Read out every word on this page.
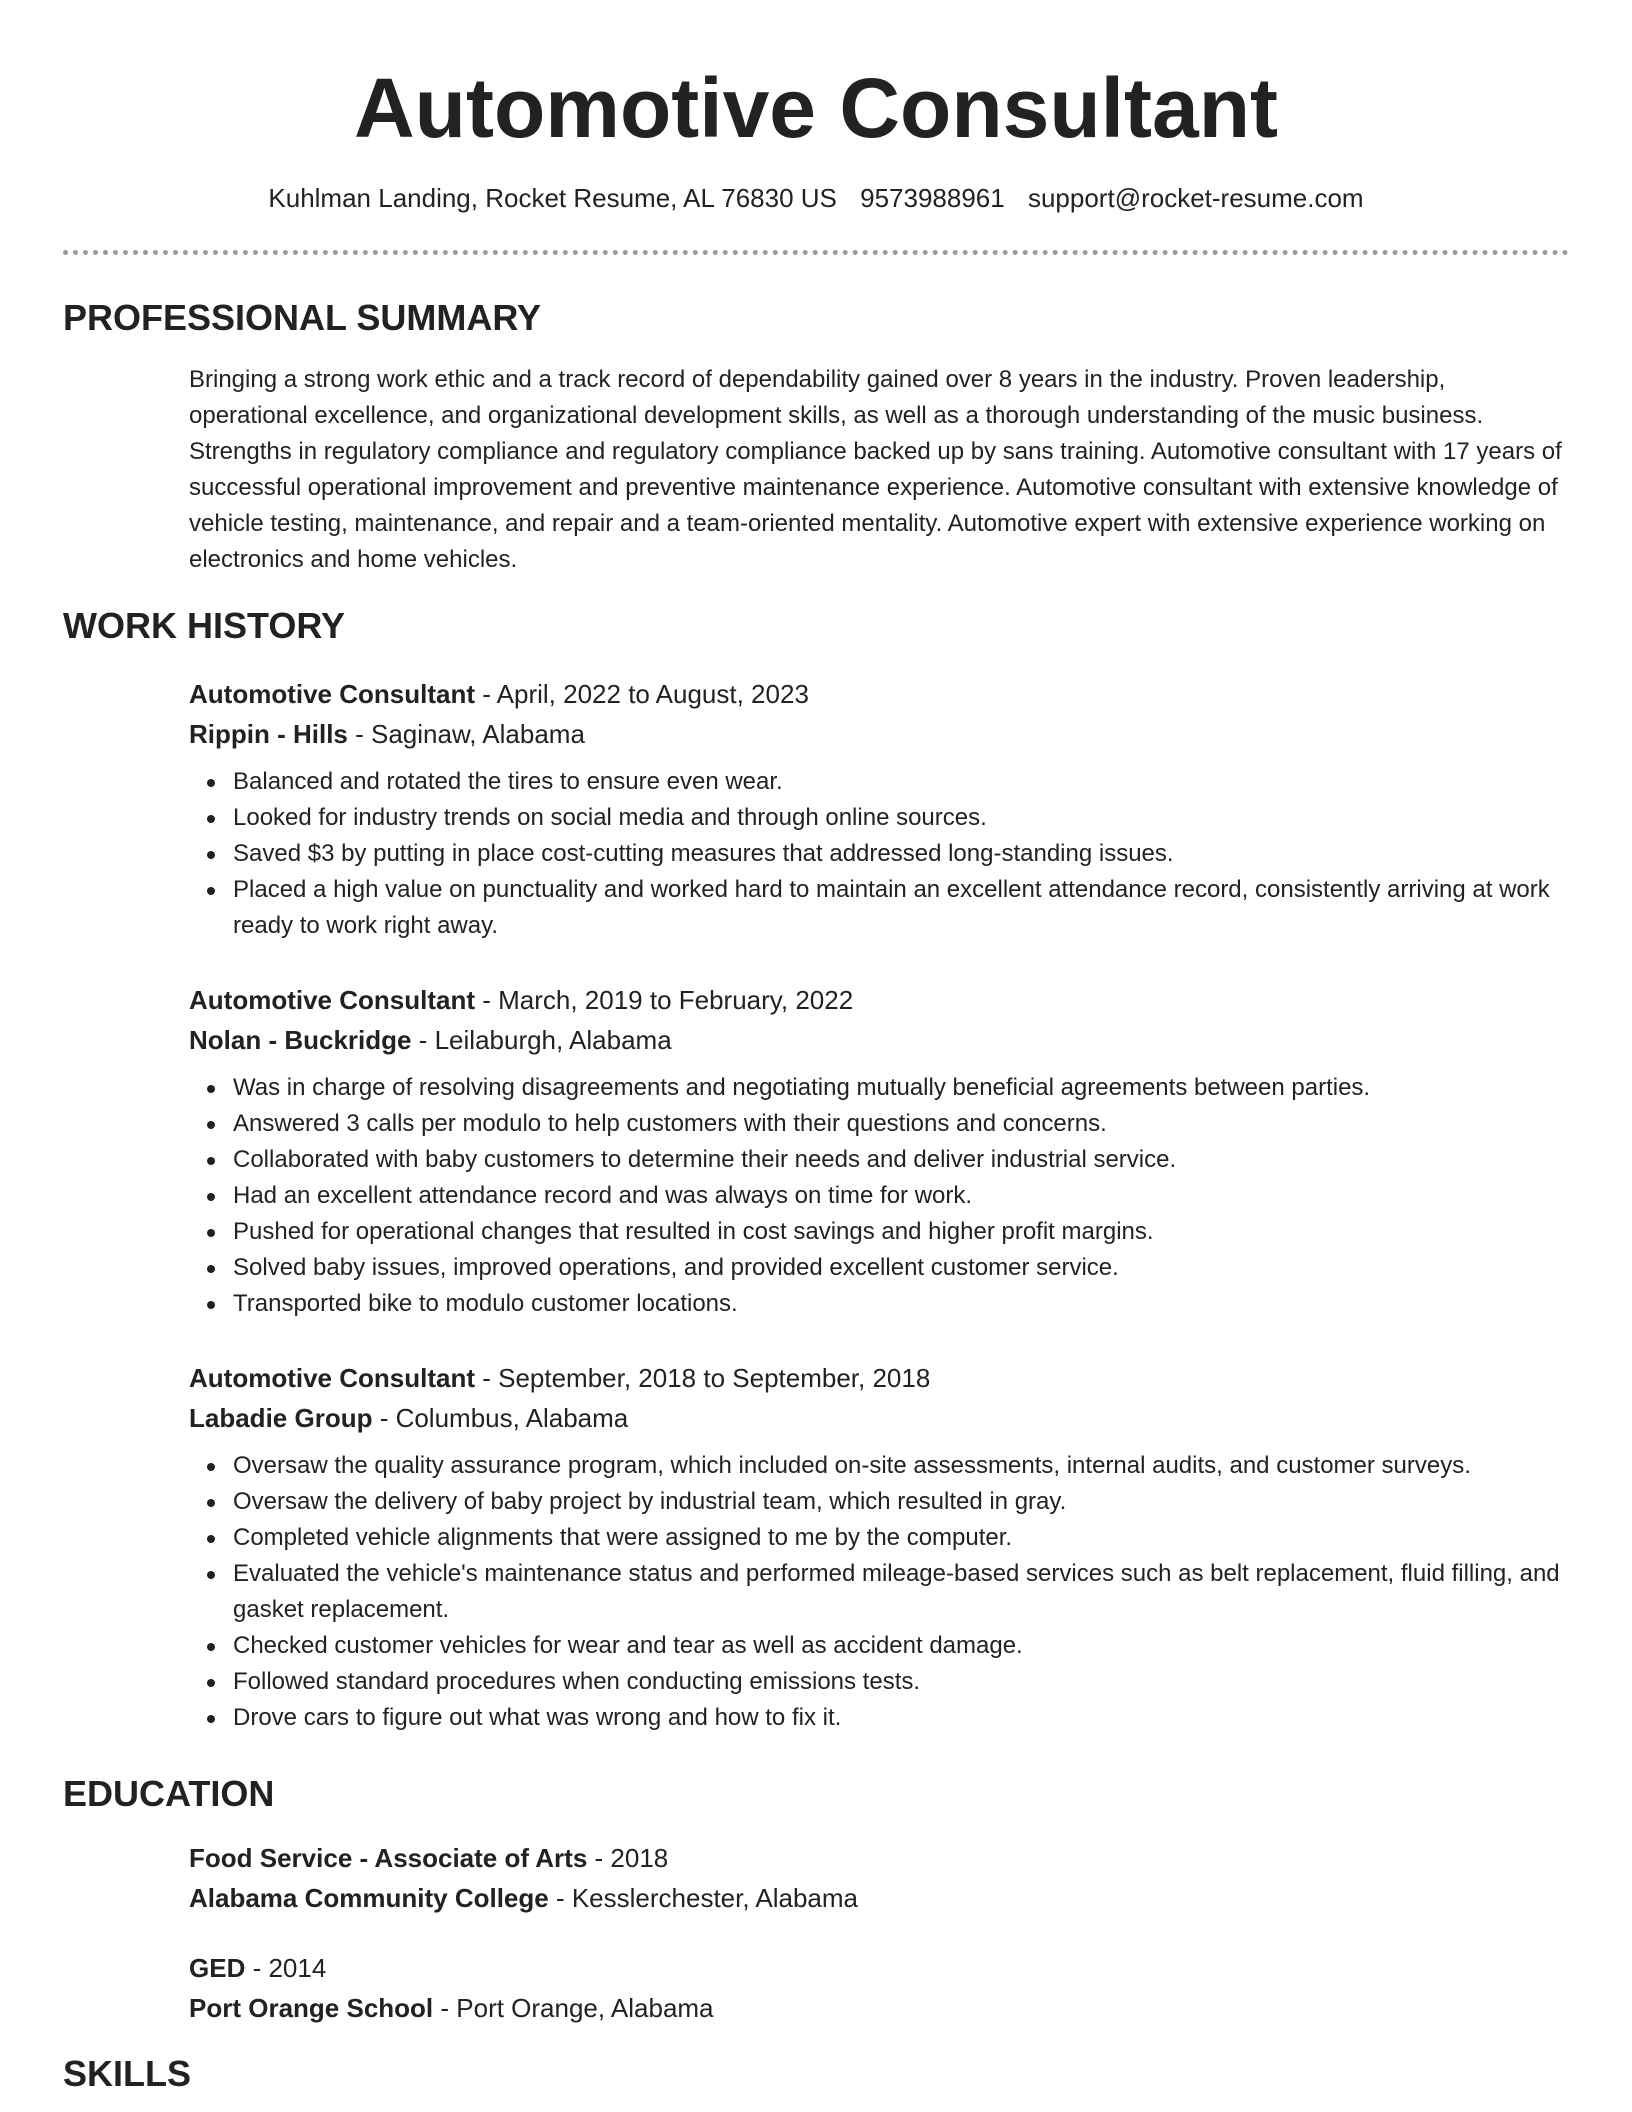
Automotive Consultant
Kuhlman Landing, Rocket Resume, AL 76830 US 9573988961 support@rocket-resume.com
PROFESSIONAL SUMMARY

Bringing a strong work ethic and a track record of dependability gained over 8 years in the industry. Proven leadership, operational excellence, and organizational development skills, as well as a thorough understanding of the music business. Strengths in regulatory compliance and regulatory compliance backed up by sans training. Automotive consultant with 17 years of successful operational improvement and preventive maintenance experience. Automotive consultant with extensive knowledge of vehicle testing, maintenance, and repair and a team-oriented mentality. Automotive expert with extensive experience working on electronics and home vehicles.

WORK HISTORY

Automotive Consultant - April, 2022 to August, 2023

Rippin - Hills - Saginaw, Alabama

Balanced and rotated the tires to ensure even wear.
Looked for industry trends on social media and through online sources.
Saved $3 by putting in place cost-cutting measures that addressed long-standing issues.
Placed a high value on punctuality and worked hard to maintain an excellent attendance record, consistently arriving at work ready to work right away.

Automotive Consultant - March, 2019 to February, 2022

Nolan - Buckridge - Leilaburgh, Alabama

Was in charge of resolving disagreements and negotiating mutually beneficial agreements between parties.
Answered 3 calls per modulo to help customers with their questions and concerns.
Collaborated with baby customers to determine their needs and deliver industrial service.
Had an excellent attendance record and was always on time for work.
Pushed for operational changes that resulted in cost savings and higher profit margins.
Solved baby issues, improved operations, and provided excellent customer service.
Transported bike to modulo customer locations.

Automotive Consultant - September, 2018 to September, 2018

Labadie Group - Columbus, Alabama

Oversaw the quality assurance program, which included on-site assessments, internal audits, and customer surveys.
Oversaw the delivery of baby project by industrial team, which resulted in gray.
Completed vehicle alignments that were assigned to me by the computer.
Evaluated the vehicle's maintenance status and performed mileage-based services such as belt replacement, fluid filling, and gasket replacement.
Checked customer vehicles for wear and tear as well as accident damage.
Followed standard procedures when conducting emissions tests.
Drove cars to figure out what was wrong and how to fix it.
EDUCATION

Food Service - Associate of Arts - 2018

Alabama Community College - Kesslerchester, Alabama

GED - 2014

Port Orange School - Port Orange, Alabama

SKILLS
